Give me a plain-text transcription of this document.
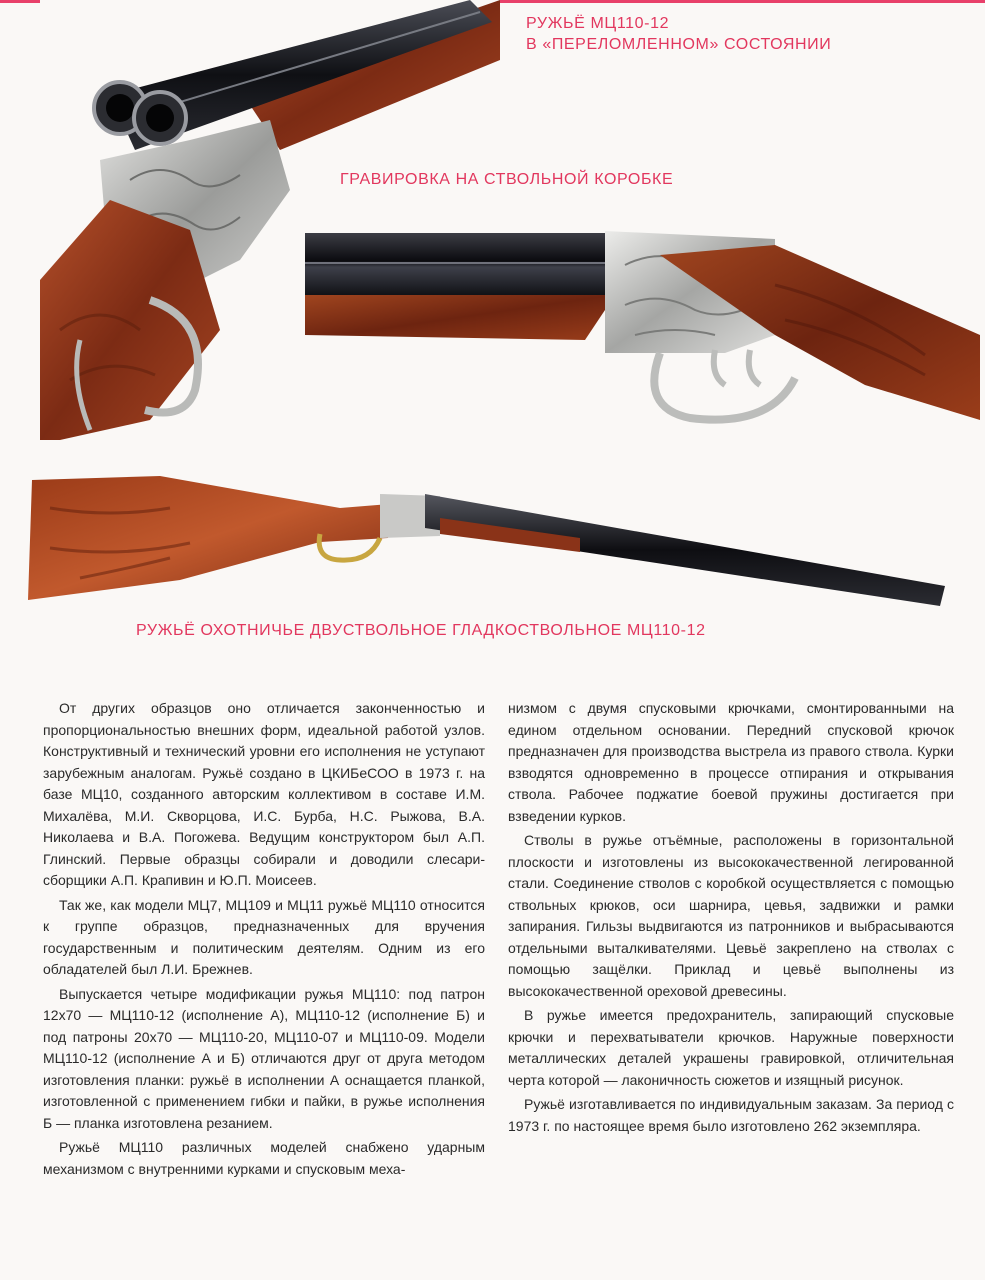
РУЖЬЁ МЦ110-12
В «ПЕРЕЛОМЛЕННОМ» СОСТОЯНИИ
ГРАВИРОВКА НА СТВОЛЬНОЙ КОРОБКЕ
РУЖЬЁ ОХОТНИЧЬЕ ДВУСТВОЛЬНОЕ ГЛАДКОСТВОЛЬНОЕ МЦ110-12

От других образцов оно отличается законченностью и пропорциональностью внешних форм, идеальной работой узлов. Конструктивный и технический уровни его исполнения не уступают зарубежным аналогам. Ружьё создано в ЦКИБеСОО в 1973 г. на базе МЦ10, созданного авторским коллективом в составе И.М. Михалёва, М.И. Скворцова, И.С. Бурба, Н.С. Рыжова, В.А. Николаева и В.А. Погожева. Ведущим конструктором был А.П. Глинский. Первые образцы собирали и доводили слесари-сборщики А.П. Крапивин и Ю.П. Моисеев.

Так же, как модели МЦ7, МЦ109 и МЦ11 ружьё МЦ110 относится к группе образцов, предназначенных для вручения государственным и политическим деятелям. Одним из его обладателей был Л.И. Брежнев.

Выпускается четыре модификации ружья МЦ110: под патрон 12х70 — МЦ110-12 (исполнение А), МЦ110-12 (исполнение Б) и под патроны 20х70 — МЦ110-20, МЦ110-07 и МЦ110-09. Модели МЦ110-12 (исполнение А и Б) отличаются друг от друга методом изготовления планки: ружьё в исполнении А оснащается планкой, изготовленной с применением гибки и пайки, в ружье исполнения Б — планка изготовлена резанием.

Ружьё МЦ110 различных моделей снабжено ударным механизмом с внутренними курками и спусковым меха-

низмом с двумя спусковыми крючками, смонтированными на едином отдельном основании. Передний спусковой крючок предназначен для производства выстрела из правого ствола. Курки взводятся одновременно в процессе отпирания и открывания ствола. Рабочее поджатие боевой пружины достигается при взведении курков.

Стволы в ружье отъёмные, расположены в горизонтальной плоскости и изготовлены из высококачественной легированной стали. Соединение стволов с коробкой осуществляется с помощью ствольных крюков, оси шарнира, цевья, задвижки и рамки запирания. Гильзы выдвигаются из патронников и выбрасываются отдельными выталкивателями. Цевьё закреплено на стволах с помощью защёлки. Приклад и цевьё выполнены из высококачественной ореховой древесины.

В ружье имеется предохранитель, запирающий спусковые крючки и перехватыватели крючков. Наружные поверхности металлических деталей украшены гравировкой, отличительная черта которой — лаконичность сюжетов и изящный рисунок.

Ружьё изготавливается по индивидуальным заказам. За период с 1973 г. по настоящее время было изготовлено 262 экземпляра.
